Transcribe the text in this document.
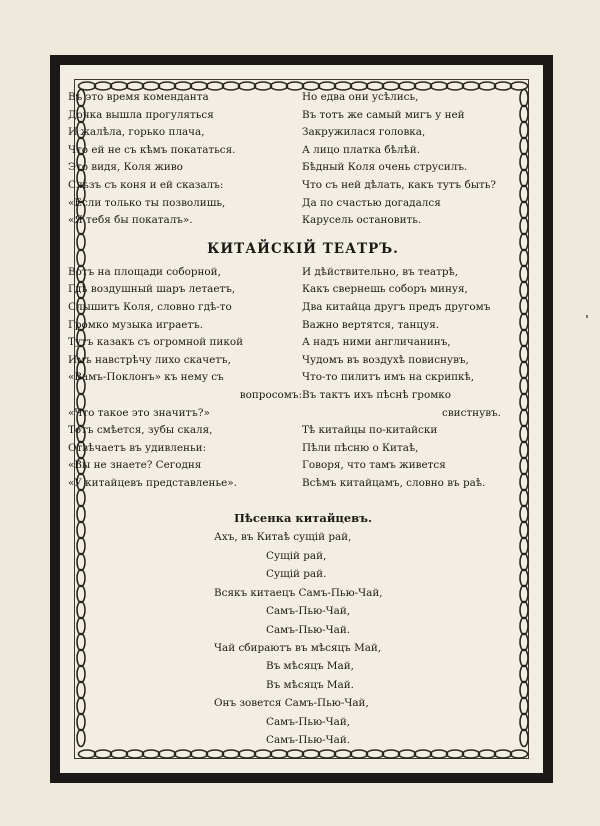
Въ это время коменданта
Дочка вышла прогуляться
И жалѣла, горько плача,
Что ей не съ кѣмъ покататься.
Это видя, Коля живо
Слѣзъ съ коня и ей сказалъ:
«Если только ты позволишь,
«Я тебя бы покаталъ».
Но едва они усѣлись,
Въ тотъ же самый мигъ у ней
Закружилася головка,
А лицо платка бѣлѣй.
Бѣдный Коля очень струсилъ.
Что съ ней дѣлать, какъ тутъ быть?
Да по счастью догадался
Карусель остановить.
КИТАЙСКІЙ ТЕАТРЪ.
Вотъ на площади соборной,
Гдѣ воздушный шаръ летаетъ,
Слышитъ Коля, словно гдѣ-то
Громко музыка играетъ.
Тутъ казакъ съ огромной пикой
Имъ навстрѣчу лихо скачетъ,
«Вамъ-Поклонъ» къ нему съ
вопросомъ:
«Что такое это значитъ?»
Тотъ смѣется, зубы скаля,
Отвѣчаетъ въ удивленьи:
«Вы не знаете? Сегодня
«У китайцевъ представленье».
И дѣйствительно, въ театрѣ,
Какъ свернешь соборъ минуя,
Два китайца другъ предъ другомъ
Важно вертятся, танцуя.
А надъ ними англичанинъ,
Чудомъ въ воздухѣ повиснувъ,
Что-то пилитъ имъ на скрипкѣ,
Въ тактъ ихъ пѣснѣ громко
свистнувъ.
Тѣ китайцы по-китайски
Пѣли пѣсню о Китаѣ,
Говоря, что тамъ живется
Всѣмъ китайцамъ, словно въ раѣ.
Пѣсенка китайцевъ.
Ахъ, въ Китаѣ сущій рай,
Сущій рай,
Сущій рай.
Всякъ китаецъ Самъ-Пью-Чай,
Самъ-Пью-Чай,
Самъ-Пью-Чай.
Чай сбираютъ въ мѣсяцъ Май,
Въ мѣсяцъ Май,
Въ мѣсяцъ Май.
Онъ зовется Самъ-Пью-Чай,
Самъ-Пью-Чай,
Самъ-Пью-Чай.
